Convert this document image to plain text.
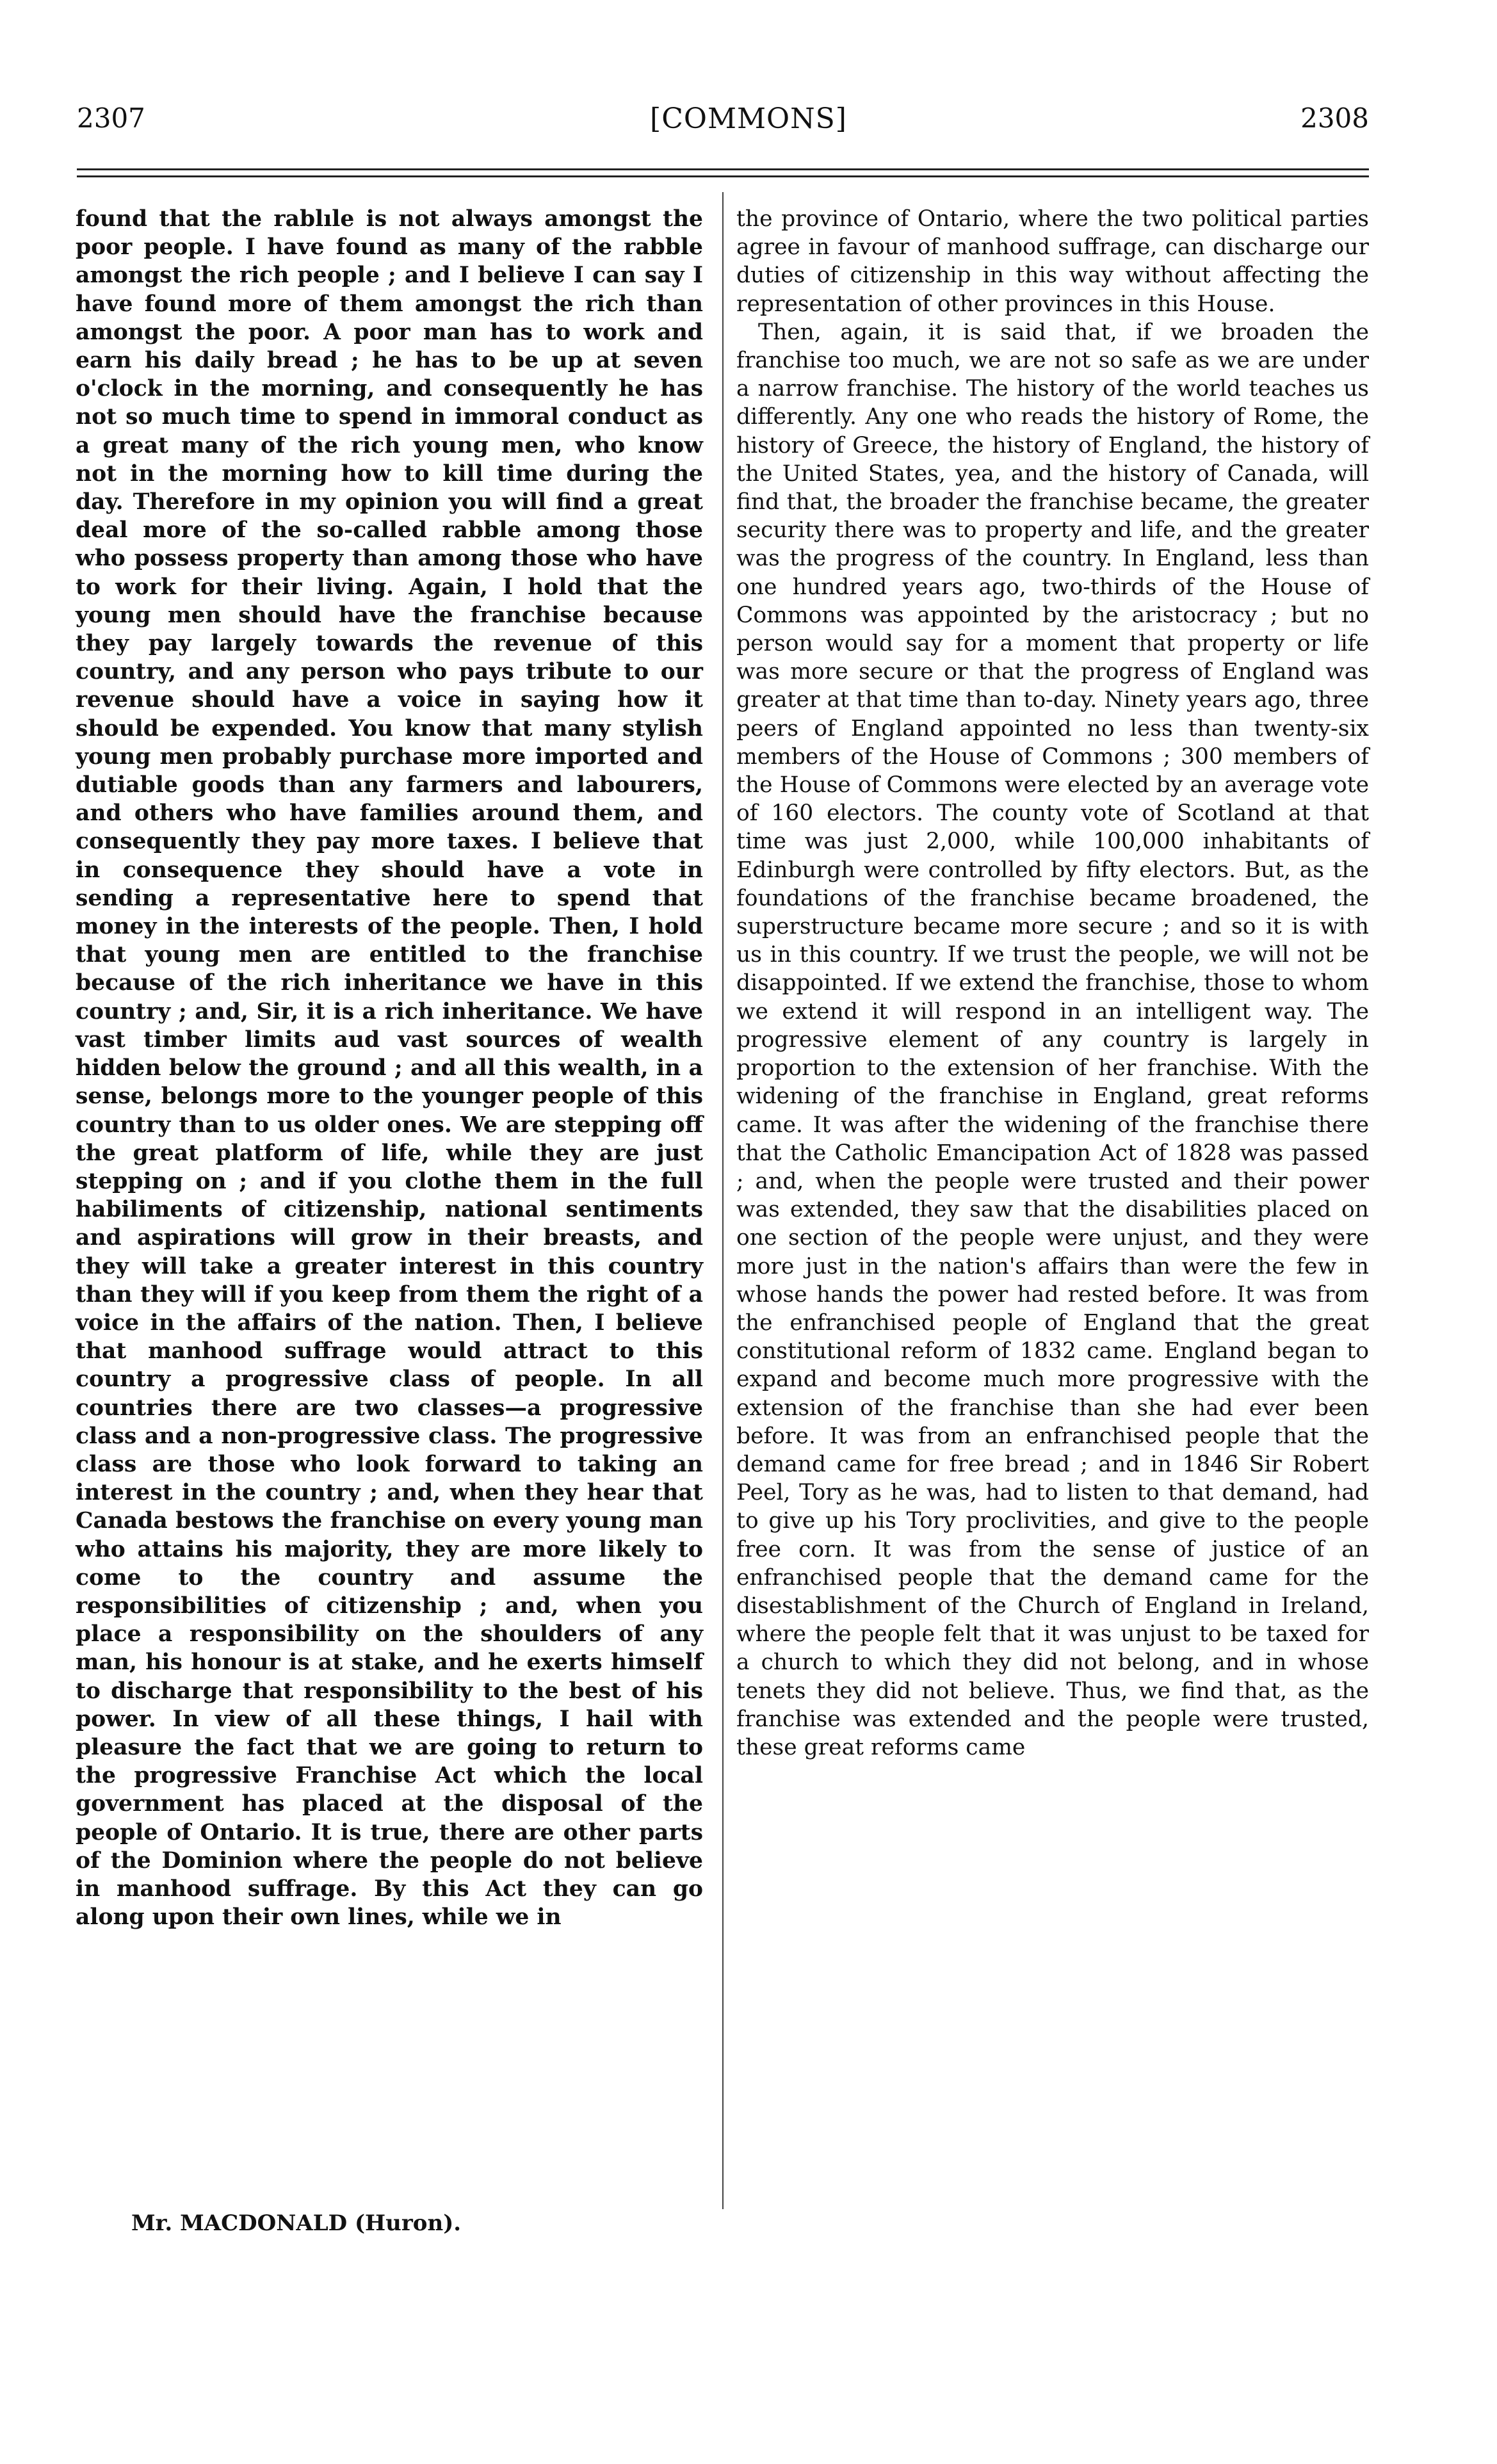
2307	[COMMONS]	2308

found that the rablıle is not always amongst the poor people. I have found as many of the rabble amongst the rich people ; and I believe I can say I have found more of them amongst the rich than amongst the poor. A poor man has to work and earn his daily bread ; he has to be up at seven o'clock in the morning, and consequently he has not so much time to spend in immoral conduct as a great many of the rich young men, who know not in the morning how to kill time during the day. Therefore in my opinion you will find a great deal more of the so-called rabble among those who possess property than among those who have to work for their living. Again, I hold that the young men should have the franchise because they pay largely towards the revenue of this country, and any person who pays tribute to our revenue should have a voice in saying how it should be expended. You know that many stylish young men probably purchase more imported and dutiable goods than any farmers and labourers, and others who have families around them, and consequently they pay more taxes. I believe that in consequence they should have a vote in sending a representative here to spend that money in the interests of the people. Then, I hold that young men are entitled to the franchise because of the rich inheritance we have in this country ; and, Sir, it is a rich inheritance. We have vast timber limits aud vast sources of wealth hidden below the ground ; and all this wealth, in a sense, belongs more to the younger people of this country than to us older ones. We are stepping off the great platform of life, while they are just stepping on ; and if you clothe them in the full habiliments of citizenship, national sentiments and aspirations will grow in their breasts, and they will take a greater interest in this country than they will if you keep from them the right of a voice in the affairs of the nation. Then, I believe that manhood suffrage would attract to this country a progressive class of people. In all countries there are two classes—a progressive class and a non-progressive class. The progressive class are those who look forward to taking an interest in the country ; and, when they hear that Canada bestows the franchise on every young man who attains his majority, they are more likely to come to the country and assume the responsibilities of citizenship ; and, when you place a responsibility on the shoulders of any man, his honour is at stake, and he exerts himself to discharge that responsibility to the best of his power. In view of all these things, I hail with pleasure the fact that we are going to return to the progressive Franchise Act which the local government has placed at the disposal of the people of Ontario. It is true, there are other parts of the Dominion where the people do not believe in manhood suffrage. By this Act they can go along upon their own lines, while we in

the province of Ontario, where the two political parties agree in favour of manhood suffrage, can discharge our duties of citizenship in this way without affecting the representation of other provinces in this House.

Then, again, it is said that, if we broaden the franchise too much, we are not so safe as we are under a narrow franchise. The history of the world teaches us differently. Any one who reads the history of Rome, the history of Greece, the history of England, the history of the United States, yea, and the history of Canada, will find that, the broader the franchise became, the greater security there was to property and life, and the greater was the progress of the country. In England, less than one hundred years ago, two-thirds of the House of Commons was appointed by the aristocracy ; but no person would say for a moment that property or life was more secure or that the progress of England was greater at that time than to-day. Ninety years ago, three peers of England appointed no less than twenty-six members of the House of Commons ; 300 members of the House of Commons were elected by an average vote of 160 electors. The county vote of Scotland at that time was just 2,000, while 100,000 inhabitants of Edinburgh were controlled by fifty electors. But, as the foundations of the franchise became broadened, the superstructure became more secure ; and so it is with us in this country. If we trust the people, we will not be disappointed. If we extend the franchise, those to whom we extend it will respond in an intelligent way. The progressive element of any country is largely in proportion to the extension of her franchise. With the widening of the franchise in England, great reforms came. It was after the widening of the franchise there that the Catholic Emancipation Act of 1828 was passed ; and, when the people were trusted and their power was extended, they saw that the disabilities placed on one section of the people were unjust, and they were more just in the nation's affairs than were the few in whose hands the power had rested before. It was from the enfranchised people of England that the great constitutional reform of 1832 came. England began to expand and become much more progressive with the extension of the franchise than she had ever been before. It was from an enfranchised people that the demand came for free bread ; and in 1846 Sir Robert Peel, Tory as he was, had to listen to that demand, had to give up his Tory proclivities, and give to the people free corn. It was from the sense of justice of an enfranchised people that the demand came for the disestablishment of the Church of England in Ireland, where the people felt that it was unjust to be taxed for a church to which they did not belong, and in whose tenets they did not believe. Thus, we find that, as the franchise was extended and the people were trusted, these great reforms came

Mr. MACDONALD (Huron).
